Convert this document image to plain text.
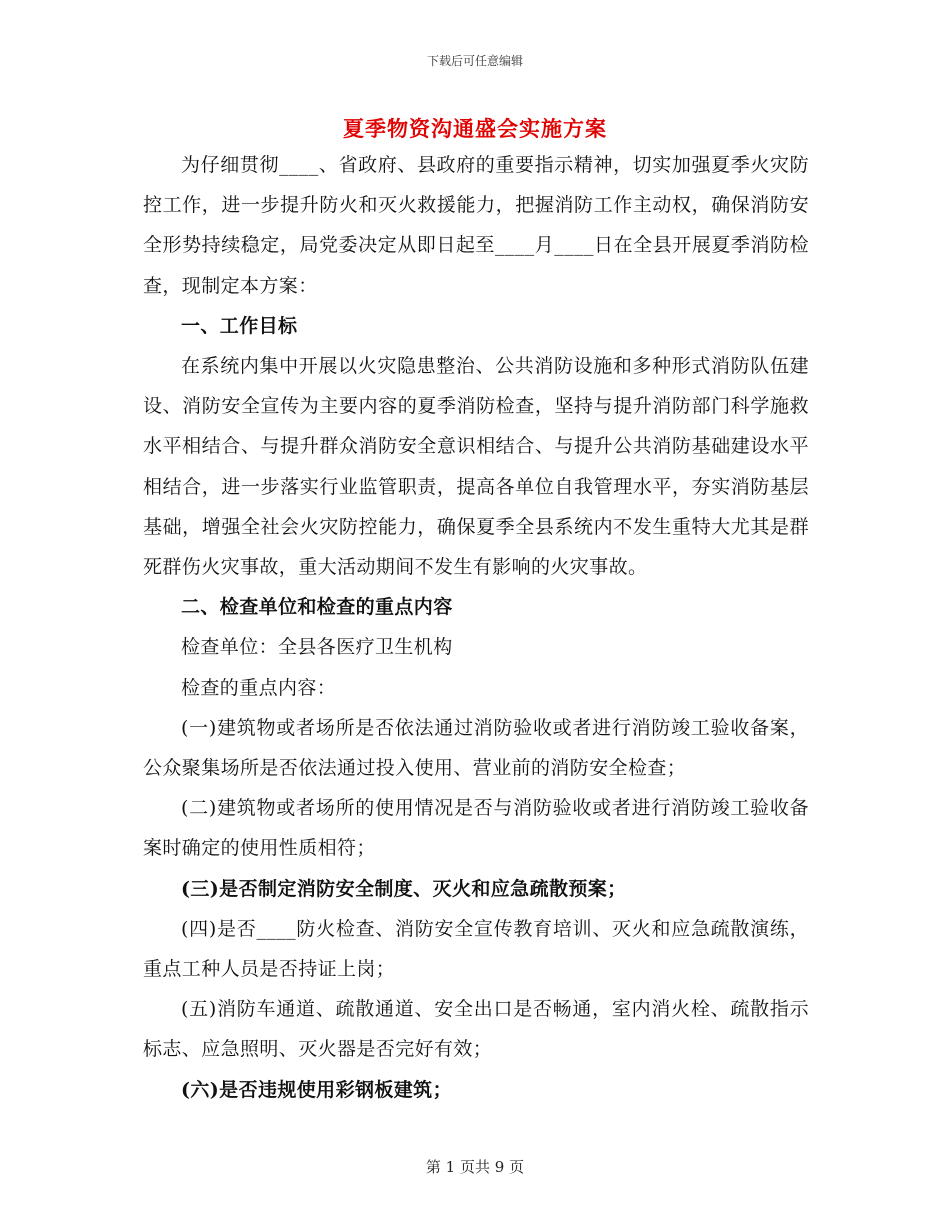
下载后可任意编辑
夏季物资沟通盛会实施方案

为仔细贯彻____、省政府、县政府的重要指示精神，切实加强夏季火灾防控工作，进一步提升防火和灭火救援能力，把握消防工作主动权，确保消防安全形势持续稳定，局党委决定从即日起至____月____日在全县开展夏季消防检查，现制定本方案：

一、工作目标

在系统内集中开展以火灾隐患整治、公共消防设施和多种形式消防队伍建设、消防安全宣传为主要内容的夏季消防检查，坚持与提升消防部门科学施救水平相结合、与提升群众消防安全意识相结合、与提升公共消防基础建设水平相结合，进一步落实行业监管职责，提高各单位自我管理水平，夯实消防基层基础，增强全社会火灾防控能力，确保夏季全县系统内不发生重特大尤其是群死群伤火灾事故，重大活动期间不发生有影响的火灾事故。

二、检查单位和检查的重点内容

检查单位：全县各医疗卫生机构

检查的重点内容：

(一)建筑物或者场所是否依法通过消防验收或者进行消防竣工验收备案，公众聚集场所是否依法通过投入使用、营业前的消防安全检查；

(二)建筑物或者场所的使用情况是否与消防验收或者进行消防竣工验收备案时确定的使用性质相符；

(三)是否制定消防安全制度、灭火和应急疏散预案；

(四)是否____防火检查、消防安全宣传教育培训、灭火和应急疏散演练，重点工种人员是否持证上岗；

(五)消防车通道、疏散通道、安全出口是否畅通，室内消火栓、疏散指示标志、应急照明、灭火器是否完好有效；

(六)是否违规使用彩钢板建筑；

第 1 页共 9 页
